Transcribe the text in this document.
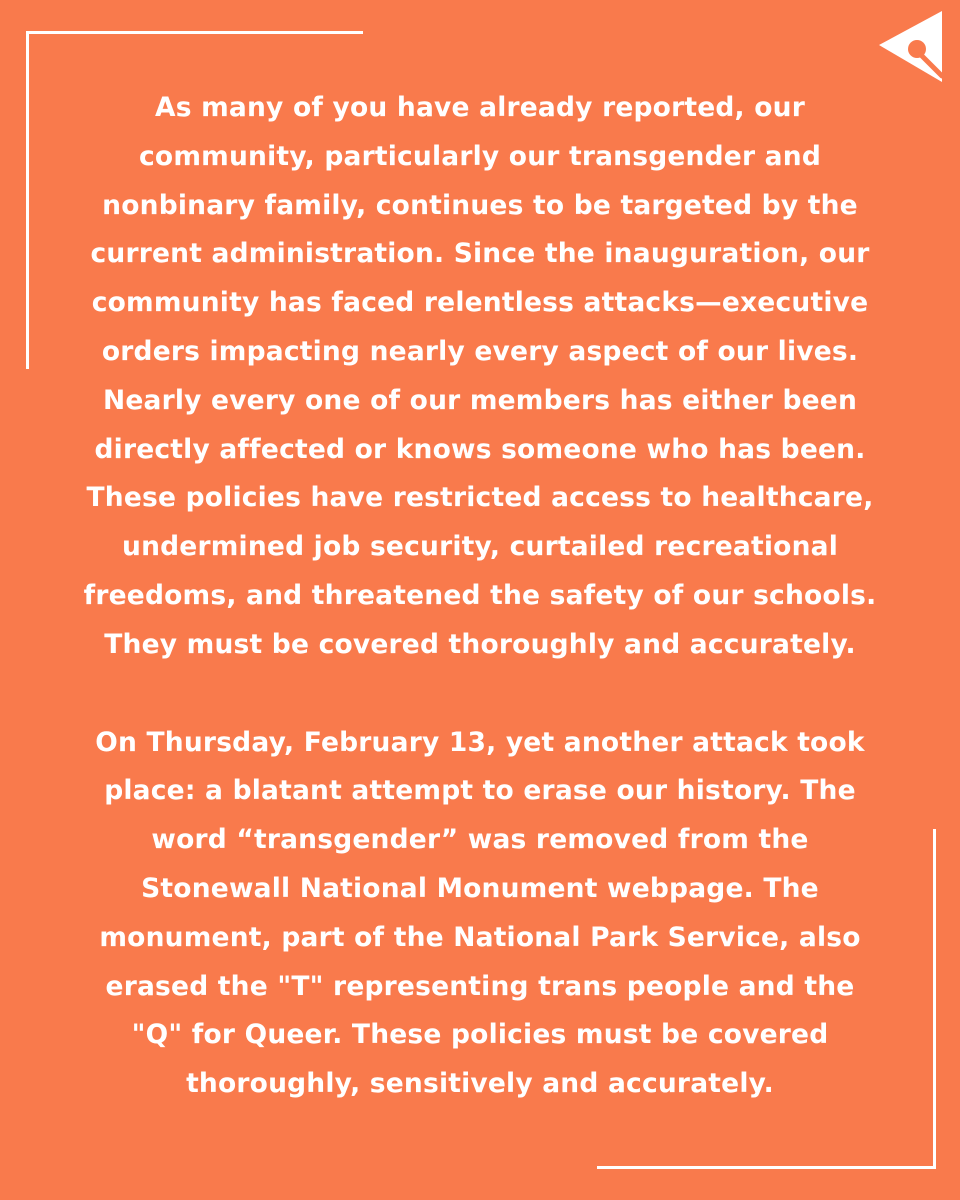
As many of you have already reported, our
community, particularly our transgender and
nonbinary family, continues to be targeted by the
current administration. Since the inauguration, our
community has faced relentless attacks—executive
orders impacting nearly every aspect of our lives.
Nearly every one of our members has either been
directly affected or knows someone who has been.
These policies have restricted access to healthcare,
undermined job security, curtailed recreational
freedoms, and threatened the safety of our schools.
They must be covered thoroughly and accurately.
On Thursday, February 13, yet another attack took
place: a blatant attempt to erase our history. The
word “transgender” was removed from the
Stonewall National Monument webpage. The
monument, part of the National Park Service, also
erased the "T" representing trans people and the
"Q" for Queer. These policies must be covered
thoroughly, sensitively and accurately.
